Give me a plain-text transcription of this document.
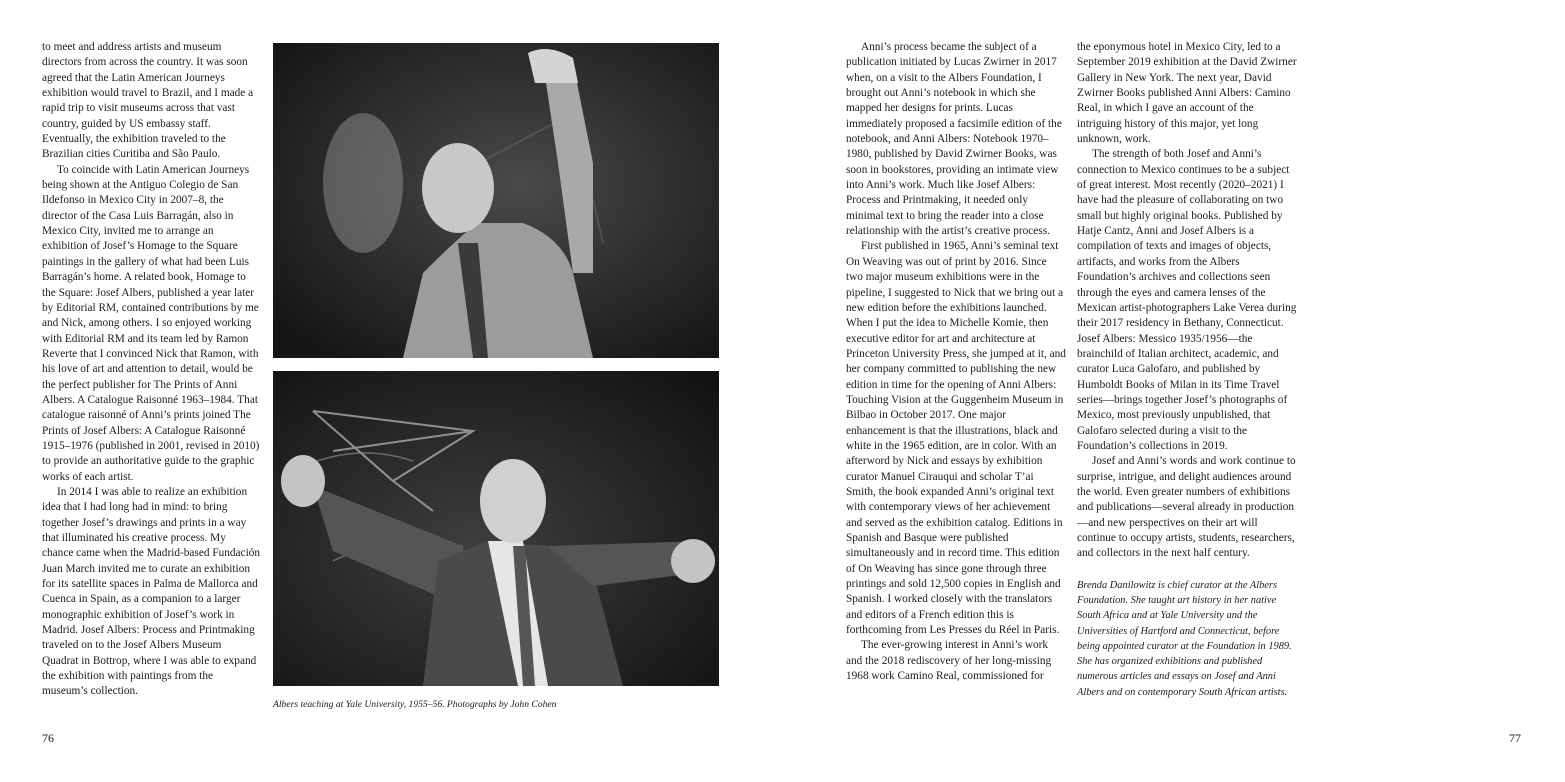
to meet and address artists and museum directors from across the country. It was soon agreed that the Latin American Journeys exhibition would travel to Brazil, and I made a rapid trip to visit museums across that vast country, guided by US embassy staff. Eventually, the exhibition traveled to the Brazilian cities Curitiba and São Paulo.

To coincide with Latin American Journeys being shown at the Antiguo Colegio de San Ildefonso in Mexico City in 2007–8, the director of the Casa Luis Barragán, also in Mexico City, invited me to arrange an exhibition of Josef’s Homage to the Square paintings in the gallery of what had been Luis Barragán’s home. A related book, Homage to the Square: Josef Albers, published a year later by Editorial RM, contained contributions by me and Nick, among others. I so enjoyed working with Editorial RM and its team led by Ramon Reverte that I convinced Nick that Ramon, with his love of art and attention to detail, would be the perfect publisher for The Prints of Anni Albers. A Catalogue Raisonné 1963–1984. That catalogue raisonné of Anni’s prints joined The Prints of Josef Albers: A Catalogue Raisonné 1915–1976 (published in 2001, revised in 2010) to provide an authoritative guide to the graphic works of each artist.

In 2014 I was able to realize an exhibition idea that I had long had in mind: to bring together Josef’s drawings and prints in a way that illuminated his creative process. My chance came when the Madrid-based Fundación Juan March invited me to curate an exhibition for its satellite spaces in Palma de Mallorca and Cuenca in Spain, as a companion to a larger monographic exhibition of Josef’s work in Madrid. Josef Albers: Process and Printmaking traveled on to the Josef Albers Museum Quadrat in Bottrop, where I was able to expand the exhibition with paintings from the museum’s collection.

Albers teaching at Yale University, 1955–56. Photographs by John Cohen
76

Anni’s process became the subject of a publication initiated by Lucas Zwirner in 2017 when, on a visit to the Albers Foundation, I brought out Anni’s notebook in which she mapped her designs for prints. Lucas immediately proposed a facsimile edition of the notebook, and Anni Albers: Notebook 1970–1980, published by David Zwirner Books, was soon in bookstores, providing an intimate view into Anni’s work. Much like Josef Albers: Process and Printmaking, it needed only minimal text to bring the reader into a close relationship with the artist’s creative process.

First published in 1965, Anni’s seminal text On Weaving was out of print by 2016. Since two major museum exhibitions were in the pipeline, I suggested to Nick that we bring out a new edition before the exhibitions launched. When I put the idea to Michelle Komie, then executive editor for art and architecture at Princeton University Press, she jumped at it, and her company committed to publishing the new edition in time for the opening of Anni Albers: Touching Vision at the Guggenheim Museum in Bilbao in October 2017. One major enhancement is that the illustrations, black and white in the 1965 edition, are in color. With an afterword by Nick and essays by exhibition curator Manuel Cirauqui and scholar T’ai Smith, the book expanded Anni’s original text with contemporary views of her achievement and served as the exhibition catalog. Editions in Spanish and Basque were published simultaneously and in record time. This edition of On Weaving has since gone through three printings and sold 12,500 copies in English and Spanish. I worked closely with the translators and editors of a French edition this is forthcoming from Les Presses du Réel in Paris.

The ever-growing interest in Anni’s work and the 2018 rediscovery of her long-missing 1968 work Camino Real, commissioned for

the eponymous hotel in Mexico City, led to a September 2019 exhibition at the David Zwirner Gallery in New York. The next year, David Zwirner Books published Anni Albers: Camino Real, in which I gave an account of the intriguing history of this major, yet long unknown, work.

The strength of both Josef and Anni’s connection to Mexico continues to be a subject of great interest. Most recently (2020–2021) I have had the pleasure of collaborating on two small but highly original books. Published by Hatje Cantz, Anni and Josef Albers is a compilation of texts and images of objects, artifacts, and works from the Albers Foundation’s archives and collections seen through the eyes and camera lenses of the Mexican artist-photographers Lake Verea during their 2017 residency in Bethany, Connecticut. Josef Albers: Messico 1935/1956—the brainchild of Italian architect, academic, and curator Luca Galofaro, and published by Humboldt Books of Milan in its Time Travel series—brings together Josef’s photographs of Mexico, most previously unpublished, that Galofaro selected during a visit to the Foundation’s collections in 2019.

Josef and Anni’s words and work continue to surprise, intrigue, and delight audiences around the world. Even greater numbers of exhibitions and publications—several already in production—and new perspectives on their art will continue to occupy artists, students, researchers, and collectors in the next half century.

Brenda Danilowitz is chief curator at the Albers Foundation. She taught art history in her native South Africa and at Yale University and the Universities of Hartford and Connecticut, before being appointed curator at the Foundation in 1989. She has organized exhibitions and published numerous articles and essays on Josef and Anni Albers and on contemporary South African artists.

77
